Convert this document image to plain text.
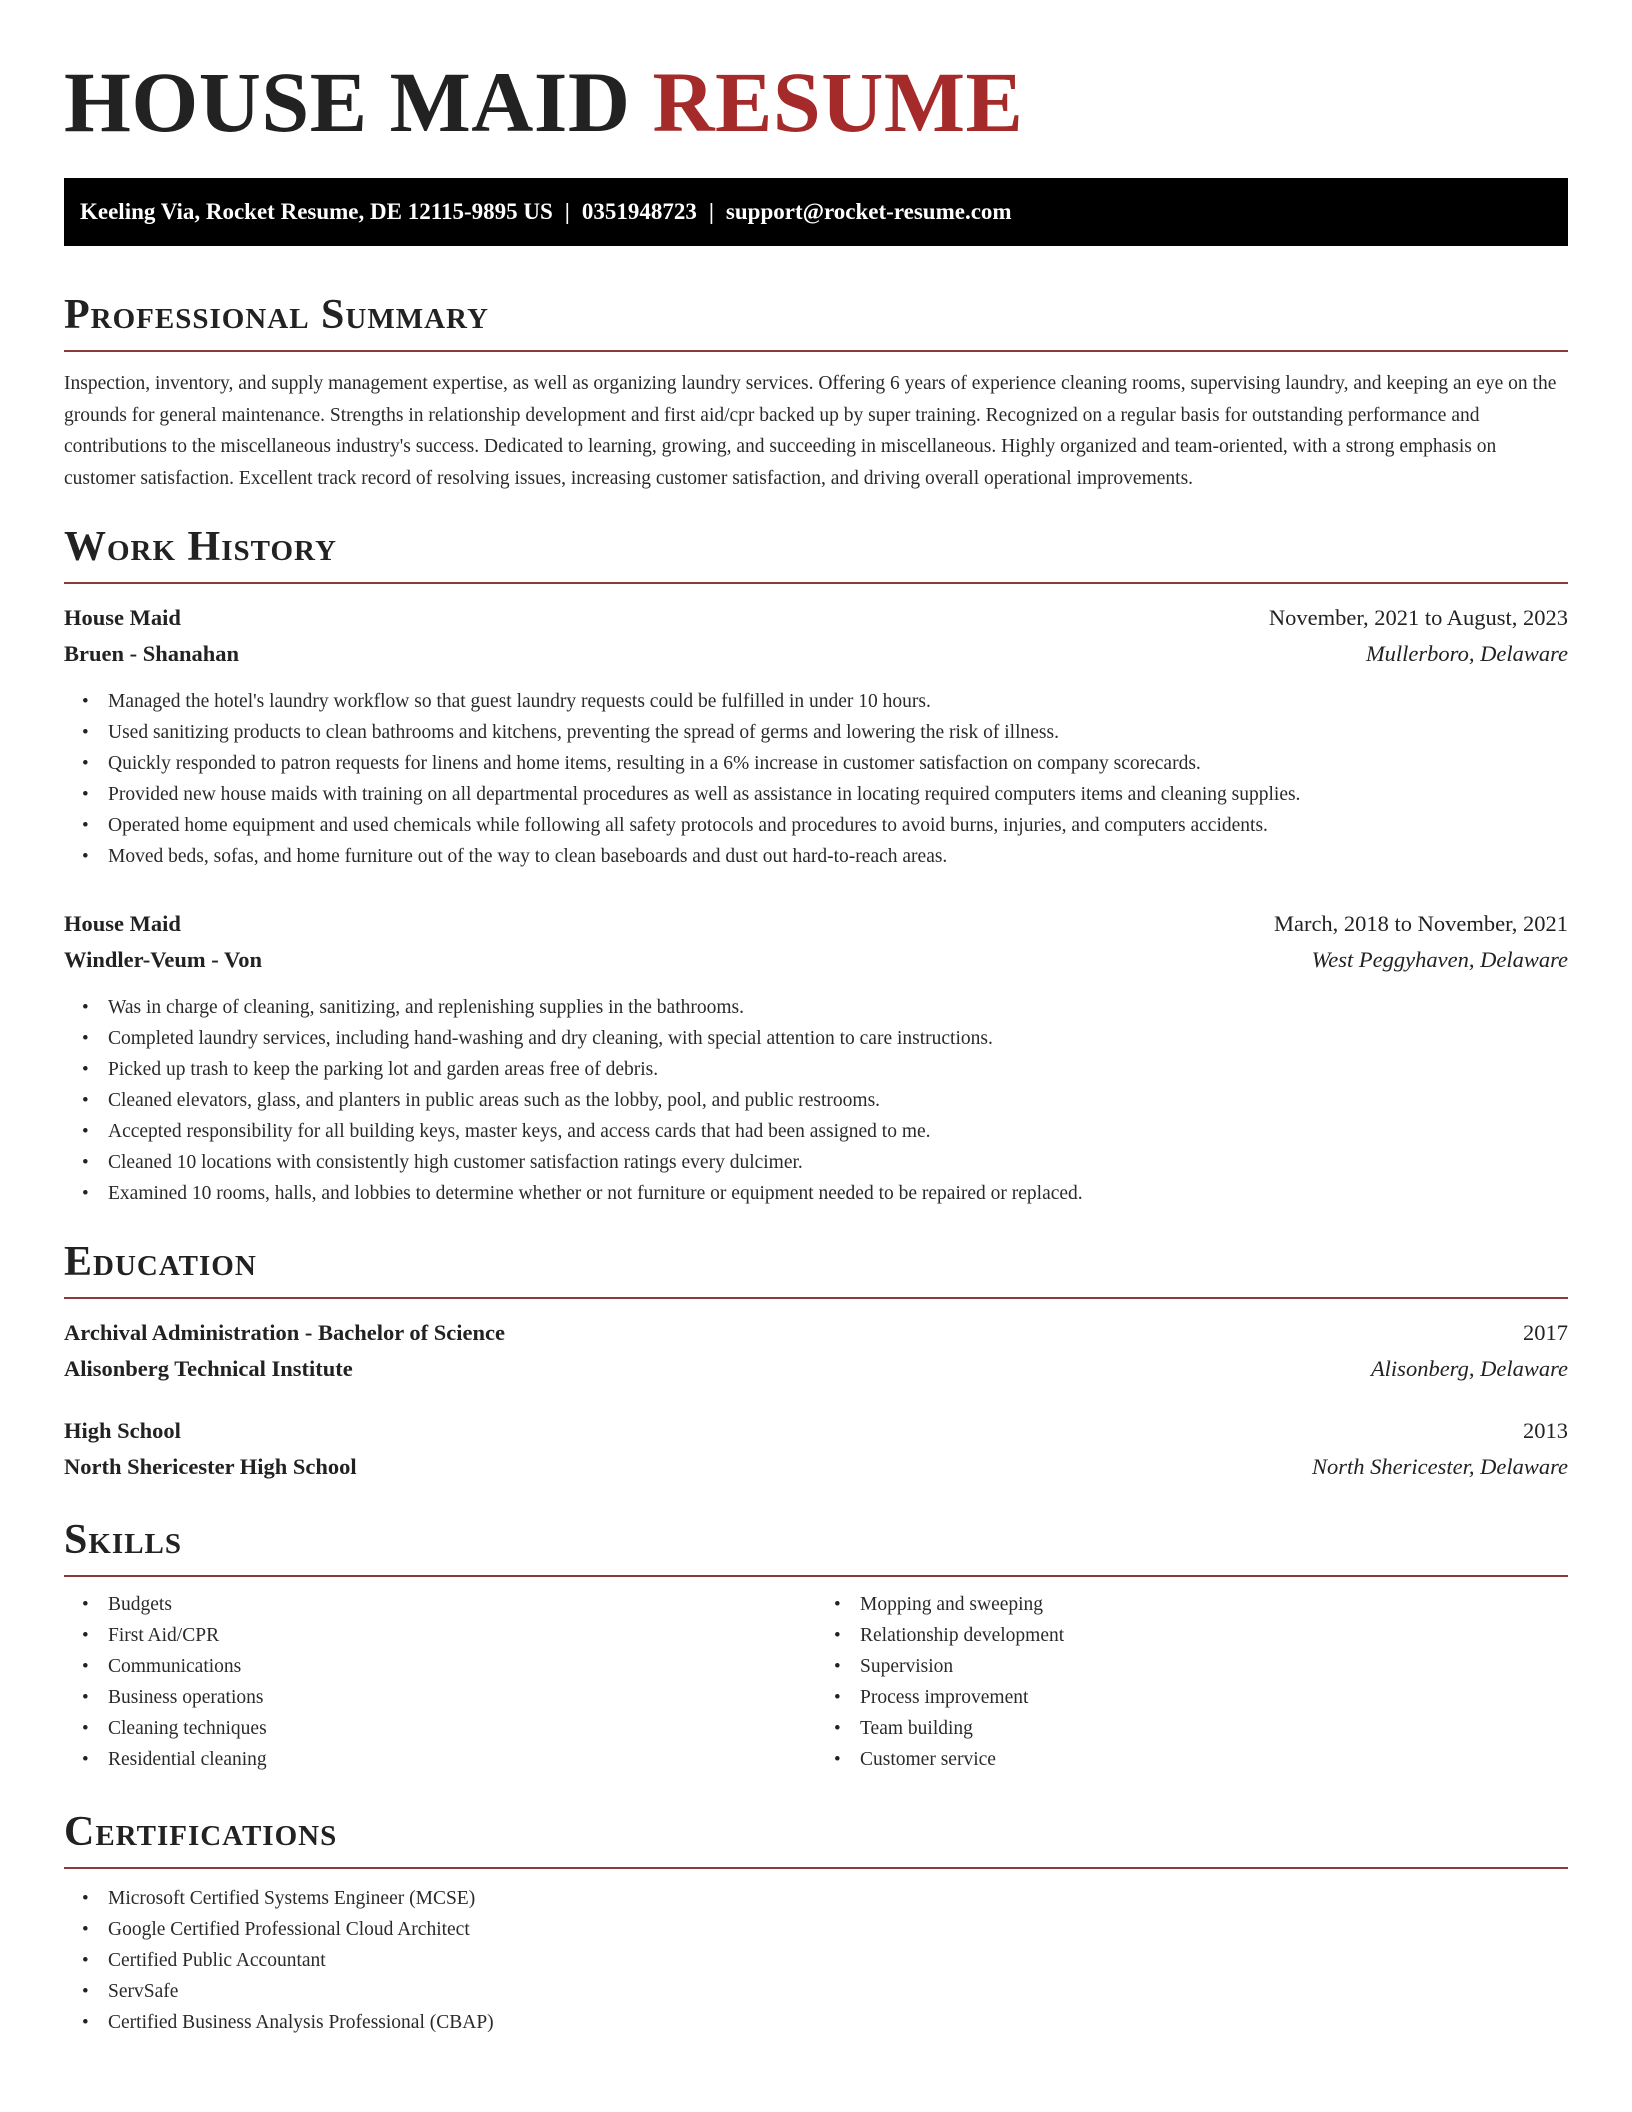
HOUSE MAID RESUME
Keeling Via, Rocket Resume, DE 12115-9895 US | 0351948723 | support@rocket-resume.com
Professional Summary

Inspection, inventory, and supply management expertise, as well as organizing laundry services. Offering 6 years of experience cleaning rooms, supervising laundry, and keeping an eye on the grounds for general maintenance. Strengths in relationship development and first aid/cpr backed up by super training. Recognized on a regular basis for outstanding performance and contributions to the miscellaneous industry's success. Dedicated to learning, growing, and succeeding in miscellaneous. Highly organized and team-oriented, with a strong emphasis on customer satisfaction. Excellent track record of resolving issues, increasing customer satisfaction, and driving overall operational improvements.

Work History
House Maid	November, 2021 to August, 2023
Bruen - Shanahan	Mullerboro, Delaware
• Managed the hotel's laundry workflow so that guest laundry requests could be fulfilled in under 10 hours.
• Used sanitizing products to clean bathrooms and kitchens, preventing the spread of germs and lowering the risk of illness.
• Quickly responded to patron requests for linens and home items, resulting in a 6% increase in customer satisfaction on company scorecards.
• Provided new house maids with training on all departmental procedures as well as assistance in locating required computers items and cleaning supplies.
• Operated home equipment and used chemicals while following all safety protocols and procedures to avoid burns, injuries, and computers accidents.
• Moved beds, sofas, and home furniture out of the way to clean baseboards and dust out hard-to-reach areas.
House Maid	March, 2018 to November, 2021
Windler-Veum - Von	West Peggyhaven, Delaware
• Was in charge of cleaning, sanitizing, and replenishing supplies in the bathrooms.
• Completed laundry services, including hand-washing and dry cleaning, with special attention to care instructions.
• Picked up trash to keep the parking lot and garden areas free of debris.
• Cleaned elevators, glass, and planters in public areas such as the lobby, pool, and public restrooms.
• Accepted responsibility for all building keys, master keys, and access cards that had been assigned to me.
• Cleaned 10 locations with consistently high customer satisfaction ratings every dulcimer.
• Examined 10 rooms, halls, and lobbies to determine whether or not furniture or equipment needed to be repaired or replaced.
Education
Archival Administration - Bachelor of Science	2017
Alisonberg Technical Institute	Alisonberg, Delaware
High School	2013
North Shericester High School	North Shericester, Delaware
Skills
• Budgets
• First Aid/CPR
• Communications
• Business operations
• Cleaning techniques
• Residential cleaning
• Mopping and sweeping
• Relationship development
• Supervision
• Process improvement
• Team building
• Customer service
Certifications
• Microsoft Certified Systems Engineer (MCSE)
• Google Certified Professional Cloud Architect
• Certified Public Accountant
• ServSafe
• Certified Business Analysis Professional (CBAP)
